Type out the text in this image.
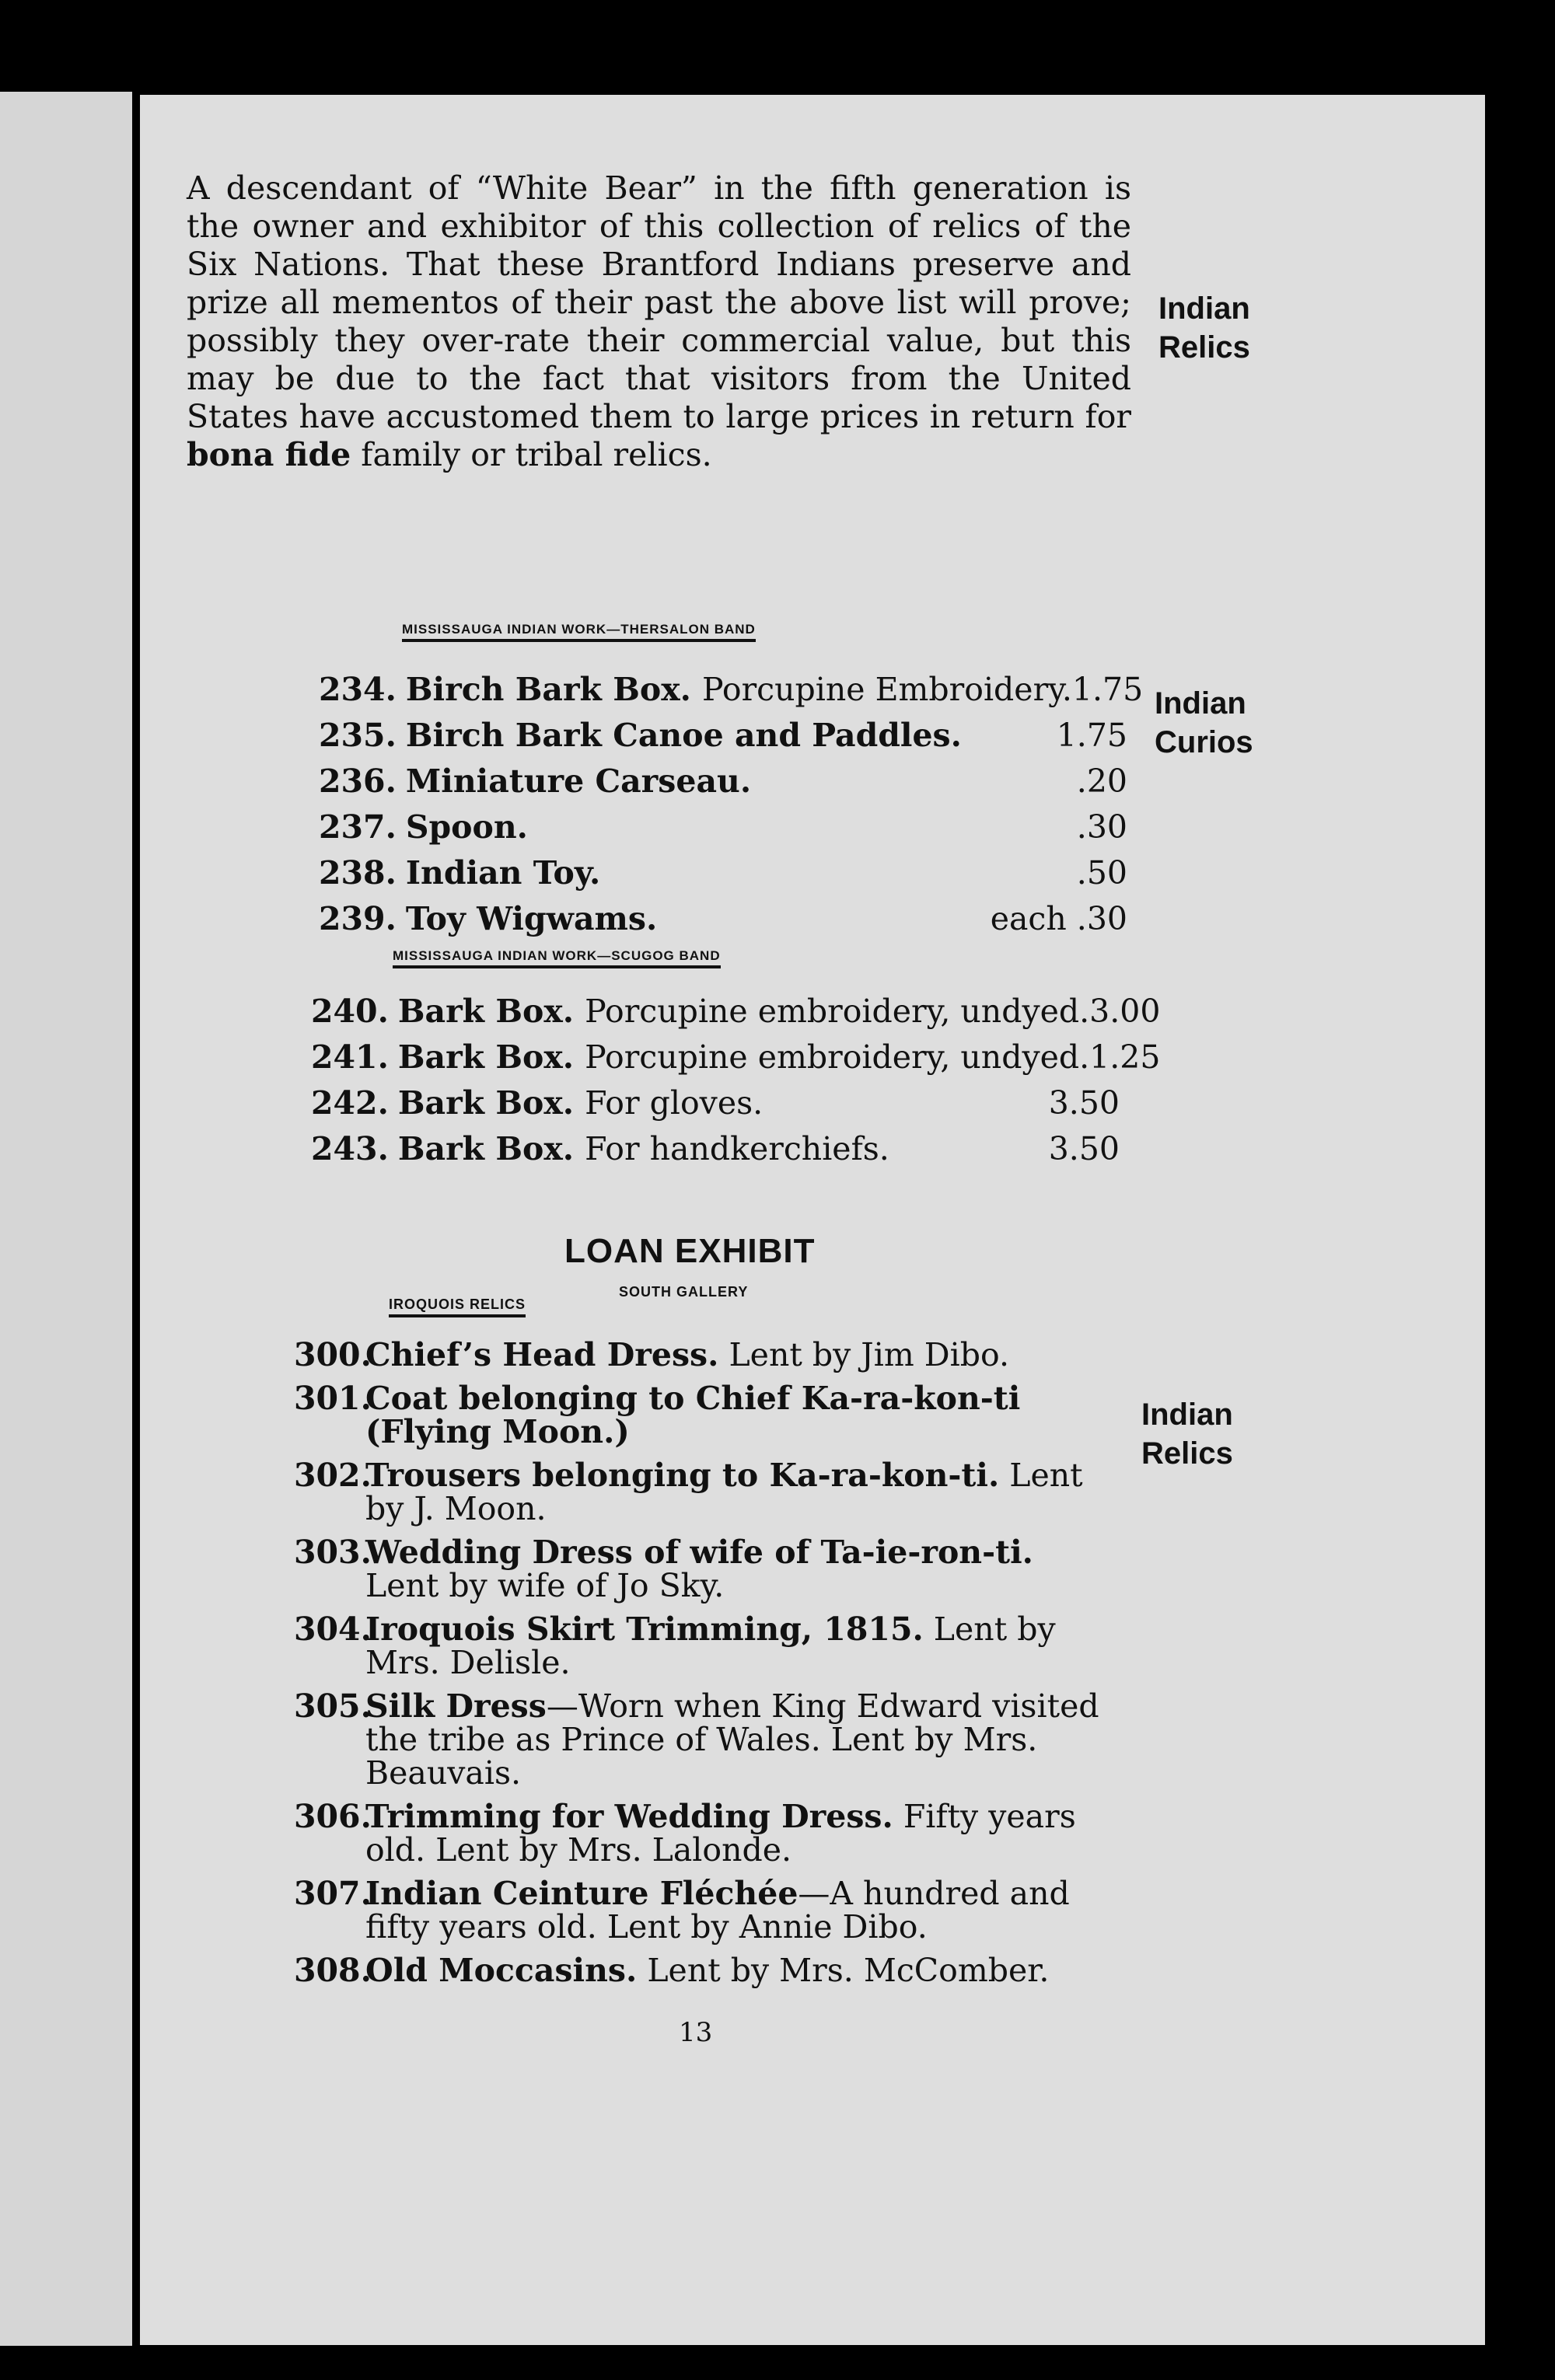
A descendant of “White Bear” in the fifth generation is the owner and exhibitor of this collection of relics of the Six Nations. That these Brantford Indians preserve and prize all mementos of their past the above list will prove; possibly they over-rate their commercial value, but this may be due to the fact that visitors from the United States have accustomed them to large prices in return for bona fide family or tribal relics.
Indian Relics
Indian Curios
Indian Relics
MISSISSAUGA INDIAN WORK—THERSALON BAND
234. Birch Bark Box. Porcupine Embroidery. 1.75
235. Birch Bark Canoe and Paddles.	1.75
236. Miniature Carseau.	.20
237. Spoon.	.30
238. Indian Toy.	.50
239. Toy Wigwams.	each .30
MISSISSAUGA INDIAN WORK—SCUGOG BAND
240. Bark Box. Porcupine embroidery, undyed. 3.00
241. Bark Box. Porcupine embroidery, undyed. 1.25
242. Bark Box. For gloves.	3.50
243. Bark Box. For handkerchiefs.	3.50
LOAN EXHIBIT
SOUTH GALLERY
IROQUOIS RELICS
300.
Chief’s Head Dress. Lent by Jim Dibo.
301.
Coat belonging to Chief Ka-ra-kon-ti (Flying Moon.)
302.
Trousers belonging to Ka-ra-kon-ti. Lent by J. Moon.
303.
Wedding Dress of wife of Ta-ie-ron-ti. Lent by wife of Jo Sky.
304.
Iroquois Skirt Trimming, 1815. Lent by Mrs. Delisle.
305.
Silk Dress—Worn when King Edward visited the tribe as Prince of Wales. Lent by Mrs. Beauvais.
306.
Trimming for Wedding Dress. Fifty years old. Lent by Mrs. Lalonde.
307.
Indian Ceinture Fléchée—A hundred and fifty years old. Lent by Annie Dibo.
308.
Old Moccasins. Lent by Mrs. McComber.
13
